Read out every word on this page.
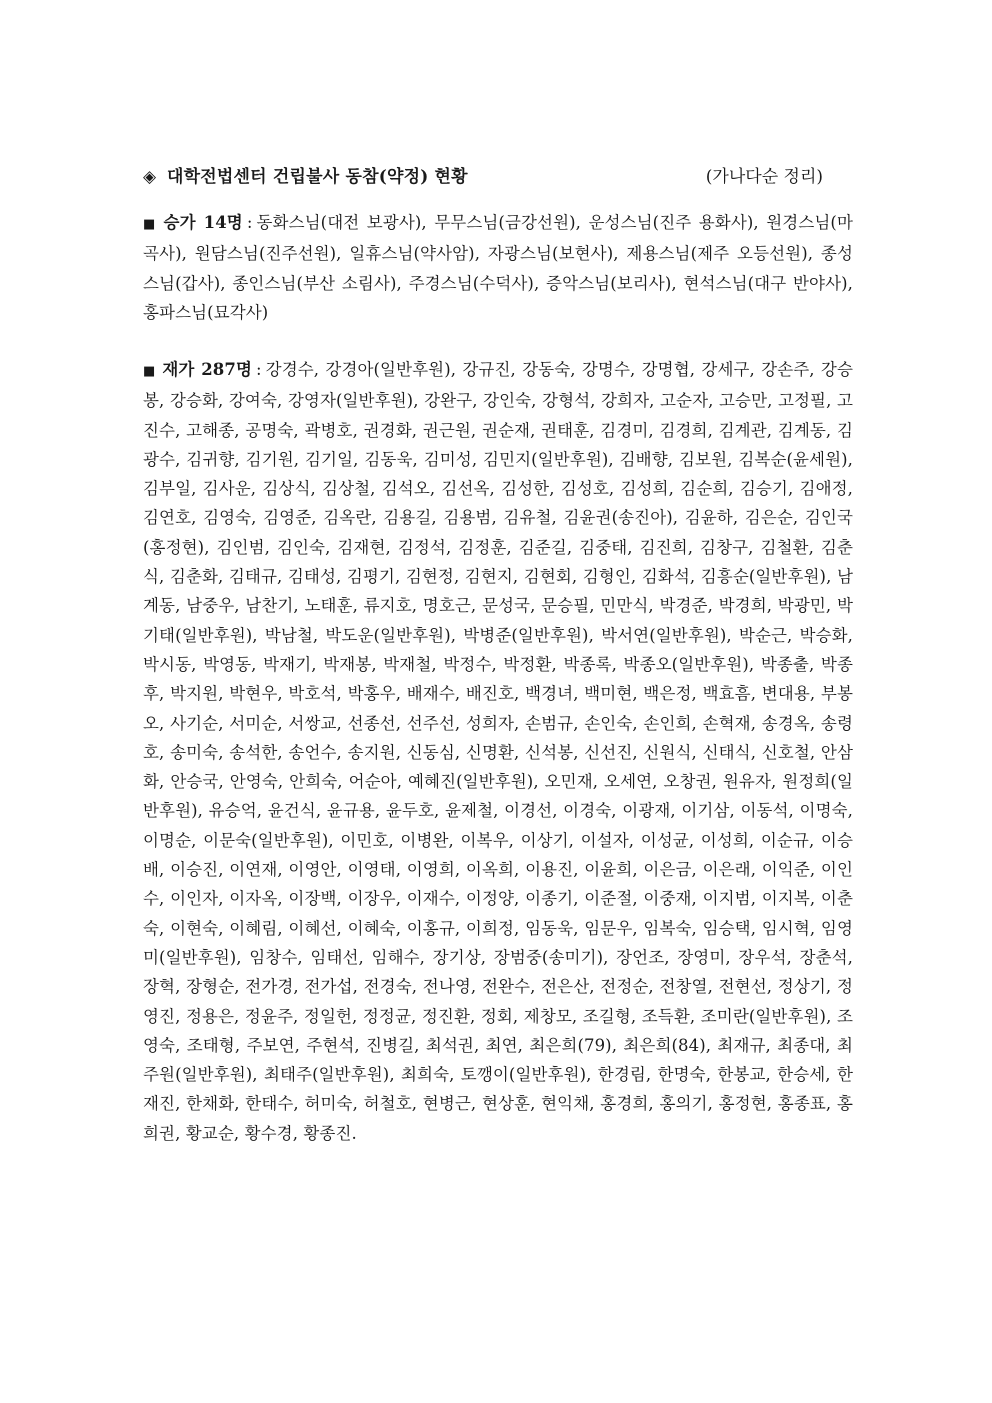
◈ 대학전법센터 건립불사 동참(약정) 현황	(가나다순 정리)
■ 승가 14명 : 동화스님(대전 보광사), 무무스님(금강선원), 운성스님(진주 용화사), 원경스님(마곡사), 원담스님(진주선원), 일휴스님(약사암), 자광스님(보현사), 제용스님(제주 오등선원), 종성스님(갑사), 종인스님(부산 소림사), 주경스님(수덕사), 증악스님(보리사), 현석스님(대구 반야사), 홍파스님(묘각사)
■ 재가 287명 : 강경수, 강경아(일반후원), 강규진, 강동숙, 강명수, 강명협, 강세구, 강손주, 강승봉, 강승화, 강여숙, 강영자(일반후원), 강완구, 강인숙, 강형석, 강희자, 고순자, 고승만, 고정필, 고진수, 고해종, 공명숙, 곽병호, 권경화, 권근원, 권순재, 권태훈, 김경미, 김경희, 김계관, 김계동, 김광수, 김귀향, 김기원, 김기일, 김동욱, 김미성, 김민지(일반후원), 김배향, 김보원, 김복순(윤세원), 김부일, 김사운, 김상식, 김상철, 김석오, 김선옥, 김성한, 김성호, 김성희, 김순희, 김승기, 김애정, 김연호, 김영숙, 김영준, 김옥란, 김용길, 김용범, 김유철, 김윤권(송진아), 김윤하, 김은순, 김인국(홍정현), 김인범, 김인숙, 김재현, 김정석, 김정훈, 김준길, 김중태, 김진희, 김창구, 김철환, 김춘식, 김춘화, 김태규, 김태성, 김평기, 김현정, 김현지, 김현회, 김형인, 김화석, 김흥순(일반후원), 남계동, 남중우, 남찬기, 노태훈, 류지호, 명호근, 문성국, 문승필, 민만식, 박경준, 박경희, 박광민, 박기태(일반후원), 박남철, 박도운(일반후원), 박병준(일반후원), 박서연(일반후원), 박순근, 박승화, 박시동, 박영동, 박재기, 박재봉, 박재철, 박정수, 박정환, 박종록, 박종오(일반후원), 박종출, 박종후, 박지원, 박현우, 박호석, 박홍우, 배재수, 배진호, 백경녀, 백미현, 백은정, 백효흠, 변대용, 부봉오, 사기순, 서미순, 서쌍교, 선종선, 선주선, 성희자, 손범규, 손인숙, 손인희, 손혁재, 송경옥, 송령호, 송미숙, 송석한, 송언수, 송지원, 신동심, 신명환, 신석봉, 신선진, 신원식, 신태식, 신호철, 안삼화, 안승국, 안영숙, 안희숙, 어순아, 예혜진(일반후원), 오민재, 오세연, 오창권, 원유자, 원정희(일반후원), 유승억, 윤건식, 윤규용, 윤두호, 윤제철, 이경선, 이경숙, 이광재, 이기삼, 이동석, 이명숙, 이명순, 이문숙(일반후원), 이민호, 이병완, 이복우, 이상기, 이설자, 이성균, 이성희, 이순규, 이승배, 이승진, 이연재, 이영안, 이영태, 이영희, 이옥희, 이용진, 이윤희, 이은금, 이은래, 이익준, 이인수, 이인자, 이자옥, 이장백, 이장우, 이재수, 이정양, 이종기, 이준절, 이중재, 이지범, 이지복, 이춘숙, 이현숙, 이혜림, 이혜선, 이혜숙, 이홍규, 이희정, 임동욱, 임문우, 임복숙, 임승택, 임시혁, 임영미(일반후원), 임창수, 임태선, 임해수, 장기상, 장범중(송미기), 장언조, 장영미, 장우석, 장춘석, 장혁, 장형순, 전가경, 전가섭, 전경숙, 전나영, 전완수, 전은산, 전정순, 전창열, 전현선, 정상기, 정영진, 정용은, 정윤주, 정일헌, 정정균, 정진환, 정회, 제창모, 조길형, 조득환, 조미란(일반후원), 조영숙, 조태형, 주보연, 주현석, 진병길, 최석권, 최연, 최은희(79), 최은희(84), 최재규, 최종대, 최주원(일반후원), 최태주(일반후원), 최희숙, 토깽이(일반후원), 한경림, 한명숙, 한봉교, 한승세, 한재진, 한채화, 한태수, 허미숙, 허철호, 현병근, 현상훈, 현익채, 홍경희, 홍의기, 홍정현, 홍종표, 홍희권, 황교순, 황수경, 황종진.
